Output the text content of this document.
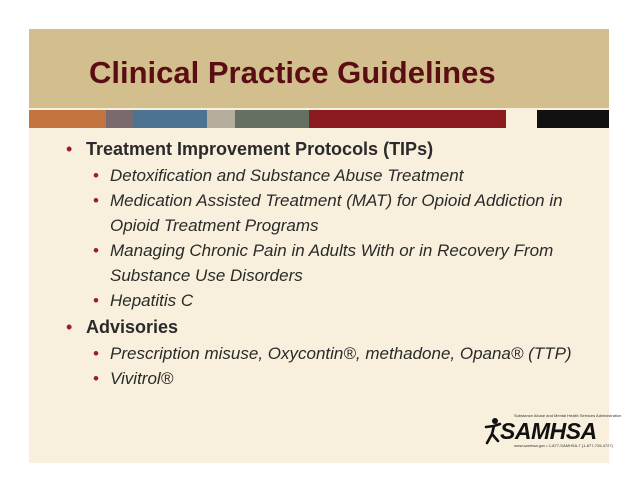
Clinical Practice Guidelines
• Treatment Improvement Protocols (TIPs)
• Detoxification and Substance Abuse Treatment
• Medication Assisted Treatment (MAT) for Opioid Addiction in Opioid Treatment Programs
• Managing Chronic Pain in Adults With or in Recovery From Substance Use Disorders
• Hepatitis C
• Advisories
• Prescription misuse, Oxycontin®, methadone, Opana® (TTP)
• Vivitrol®
Substance Abuse and Mental Health Services Administration
SAMHSA
www.samhsa.gov • 1-877-SAMHSA-7 (1-877-726-4727)
